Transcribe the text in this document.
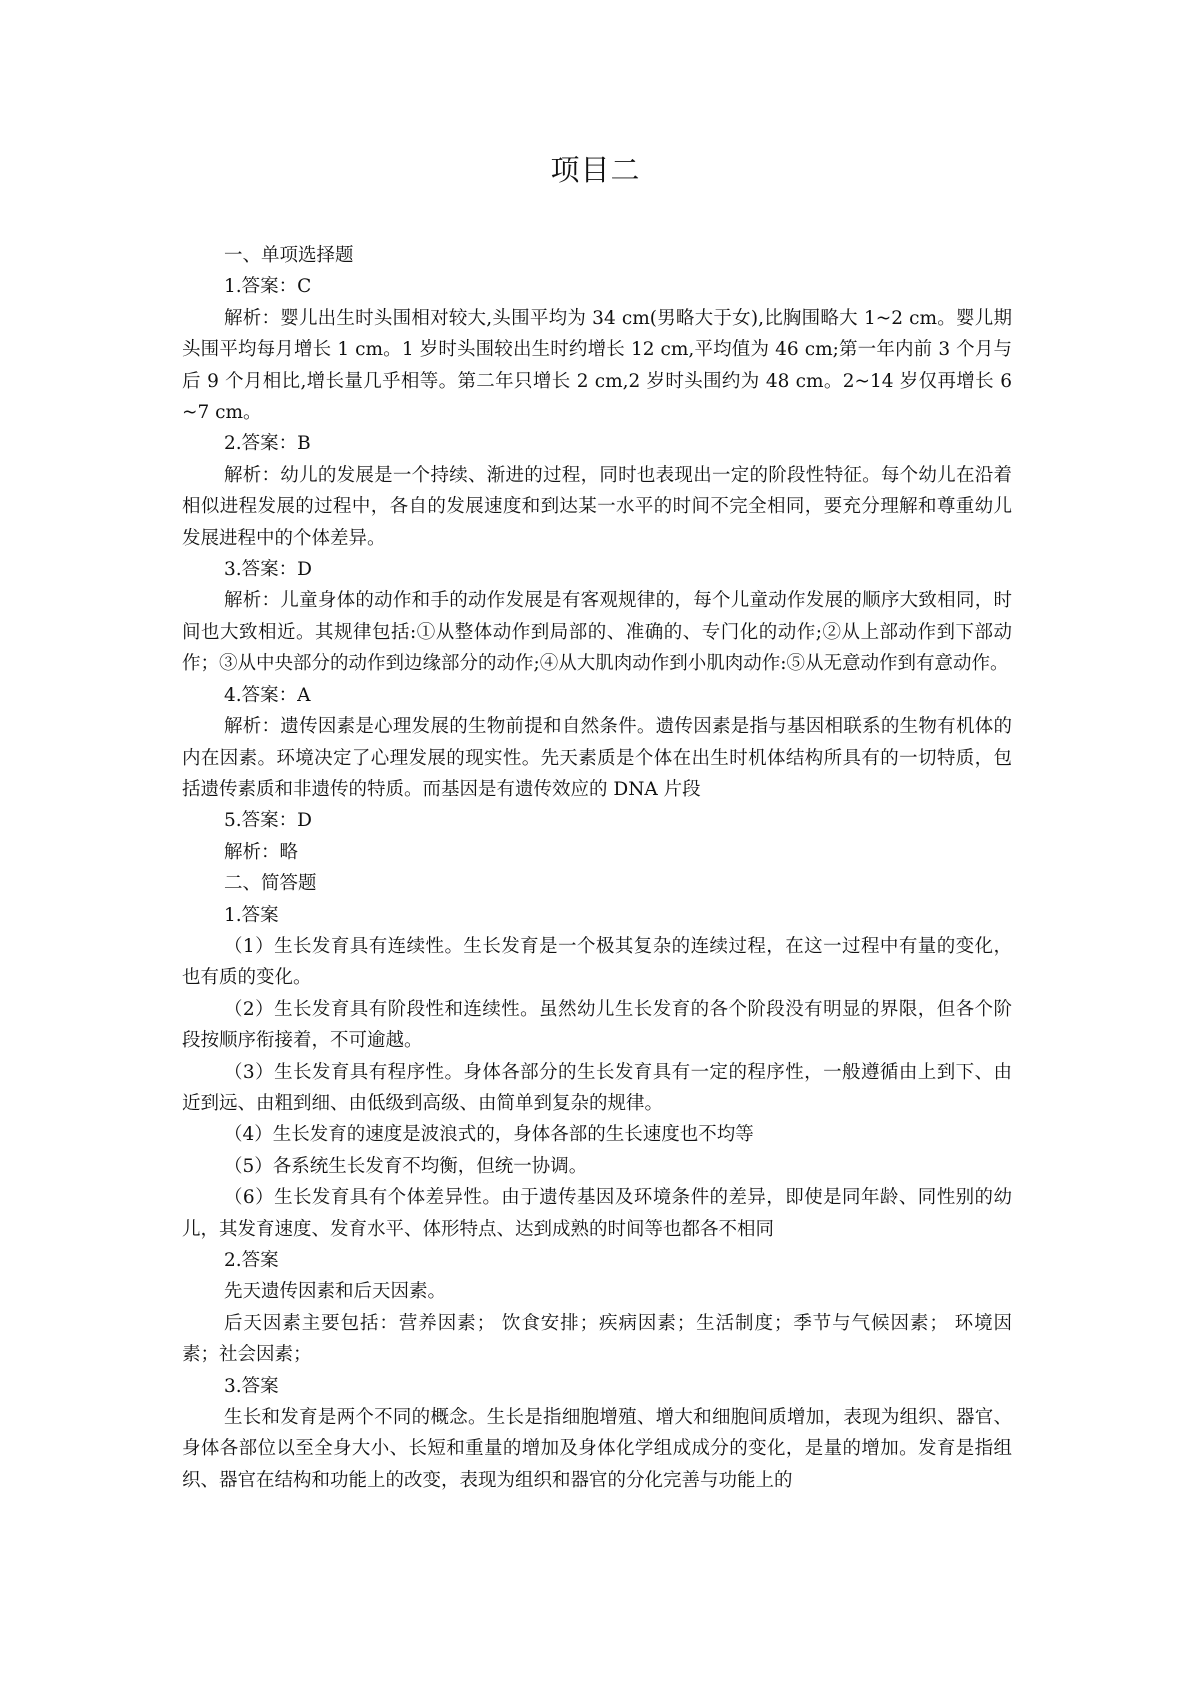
项目二

一、单项选择题

1.答案：C

解析：婴儿出生时头围相对较大,头围平均为 34 cm(男略大于女),比胸围略大 1~2 cm。婴儿期头围平均每月增长 1 cm。1 岁时头围较出生时约增长 12 cm,平均值为 46 cm;第一年内前 3 个月与后 9 个月相比,增长量几乎相等。第二年只增长 2 cm,2 岁时头围约为 48 cm。2~14 岁仅再增长 6~7 cm。

2.答案：B

解析：幼儿的发展是一个持续、渐进的过程，同时也表现出一定的阶段性特征。每个幼儿在沿着相似进程发展的过程中，各自的发展速度和到达某一水平的时间不完全相同，要充分理解和尊重幼儿发展进程中的个体差异。

3.答案：D

解析：儿童身体的动作和手的动作发展是有客观规律的，每个儿童动作发展的顺序大致相同，时间也大致相近。其规律包括:①从整体动作到局部的、准确的、专门化的动作;②从上部动作到下部动作；③从中央部分的动作到边缘部分的动作;④从大肌肉动作到小肌肉动作:⑤从无意动作到有意动作。

4.答案：A

解析：遗传因素是心理发展的生物前提和自然条件。遗传因素是指与基因相联系的生物有机体的内在因素。环境决定了心理发展的现实性。先天素质是个体在出生时机体结构所具有的一切特质，包括遗传素质和非遗传的特质。而基因是有遗传效应的 DNA 片段

5.答案：D

解析：略

二、简答题

1.答案

（1）生长发育具有连续性。生长发育是一个极其复杂的连续过程，在这一过程中有量的变化，也有质的变化。

（2）生长发育具有阶段性和连续性。虽然幼儿生长发育的各个阶段没有明显的界限，但各个阶段按顺序衔接着，不可逾越。

（3）生长发育具有程序性。身体各部分的生长发育具有一定的程序性，一般遵循由上到下、由近到远、由粗到细、由低级到高级、由简单到复杂的规律。

（4）生长发育的速度是波浪式的，身体各部的生长速度也不均等

（5）各系统生长发育不均衡，但统一协调。

（6）生长发育具有个体差异性。由于遗传基因及环境条件的差异，即使是同年龄、同性别的幼儿，其发育速度、发育水平、体形特点、达到成熟的时间等也都各不相同

2.答案

先天遗传因素和后天因素。

后天因素主要包括：营养因素； 饮食安排；疾病因素；生活制度；季节与气候因素； 环境因素；社会因素；

3.答案

生长和发育是两个不同的概念。生长是指细胞增殖、增大和细胞间质增加，表现为组织、器官、身体各部位以至全身大小、长短和重量的增加及身体化学组成成分的变化，是量的增加。发育是指组织、器官在结构和功能上的改变，表现为组织和器官的分化完善与功能上的
